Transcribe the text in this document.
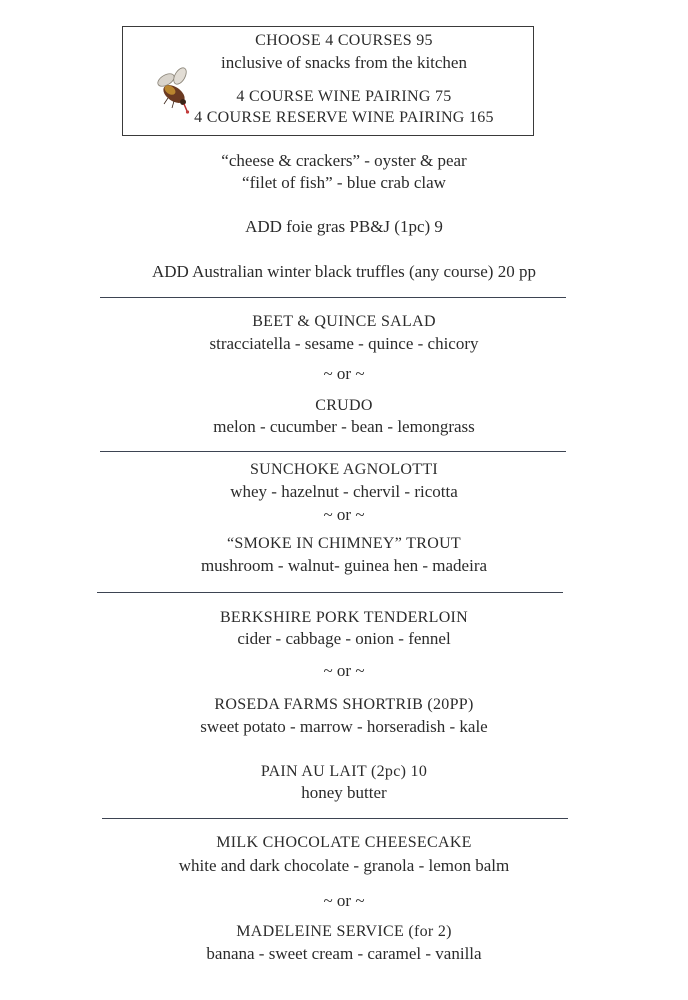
CHOOSE 4 COURSES 95
inclusive of snacks from the kitchen
4 COURSE WINE PAIRING 75
4 COURSE RESERVE WINE PAIRING 165
“cheese & crackers” - oyster & pear
“filet of fish” - blue crab claw
ADD foie gras PB&J (1pc) 9
ADD Australian winter black truffles (any course) 20 pp
BEET & QUINCE SALAD
stracciatella - sesame - quince - chicory
~ or ~
CRUDO
melon - cucumber - bean - lemongrass
SUNCHOKE AGNOLOTTI
whey - hazelnut - chervil - ricotta
~ or ~
“SMOKE IN CHIMNEY” TROUT
mushroom - walnut- guinea hen - madeira
BERKSHIRE PORK TENDERLOIN
cider - cabbage - onion - fennel
~ or ~
ROSEDA FARMS SHORTRIB (20PP)
sweet potato - marrow - horseradish - kale
PAIN AU LAIT (2pc) 10
honey butter
MILK CHOCOLATE CHEESECAKE
white and dark chocolate - granola - lemon balm
~ or ~
MADELEINE SERVICE (for 2)
banana - sweet cream - caramel - vanilla
